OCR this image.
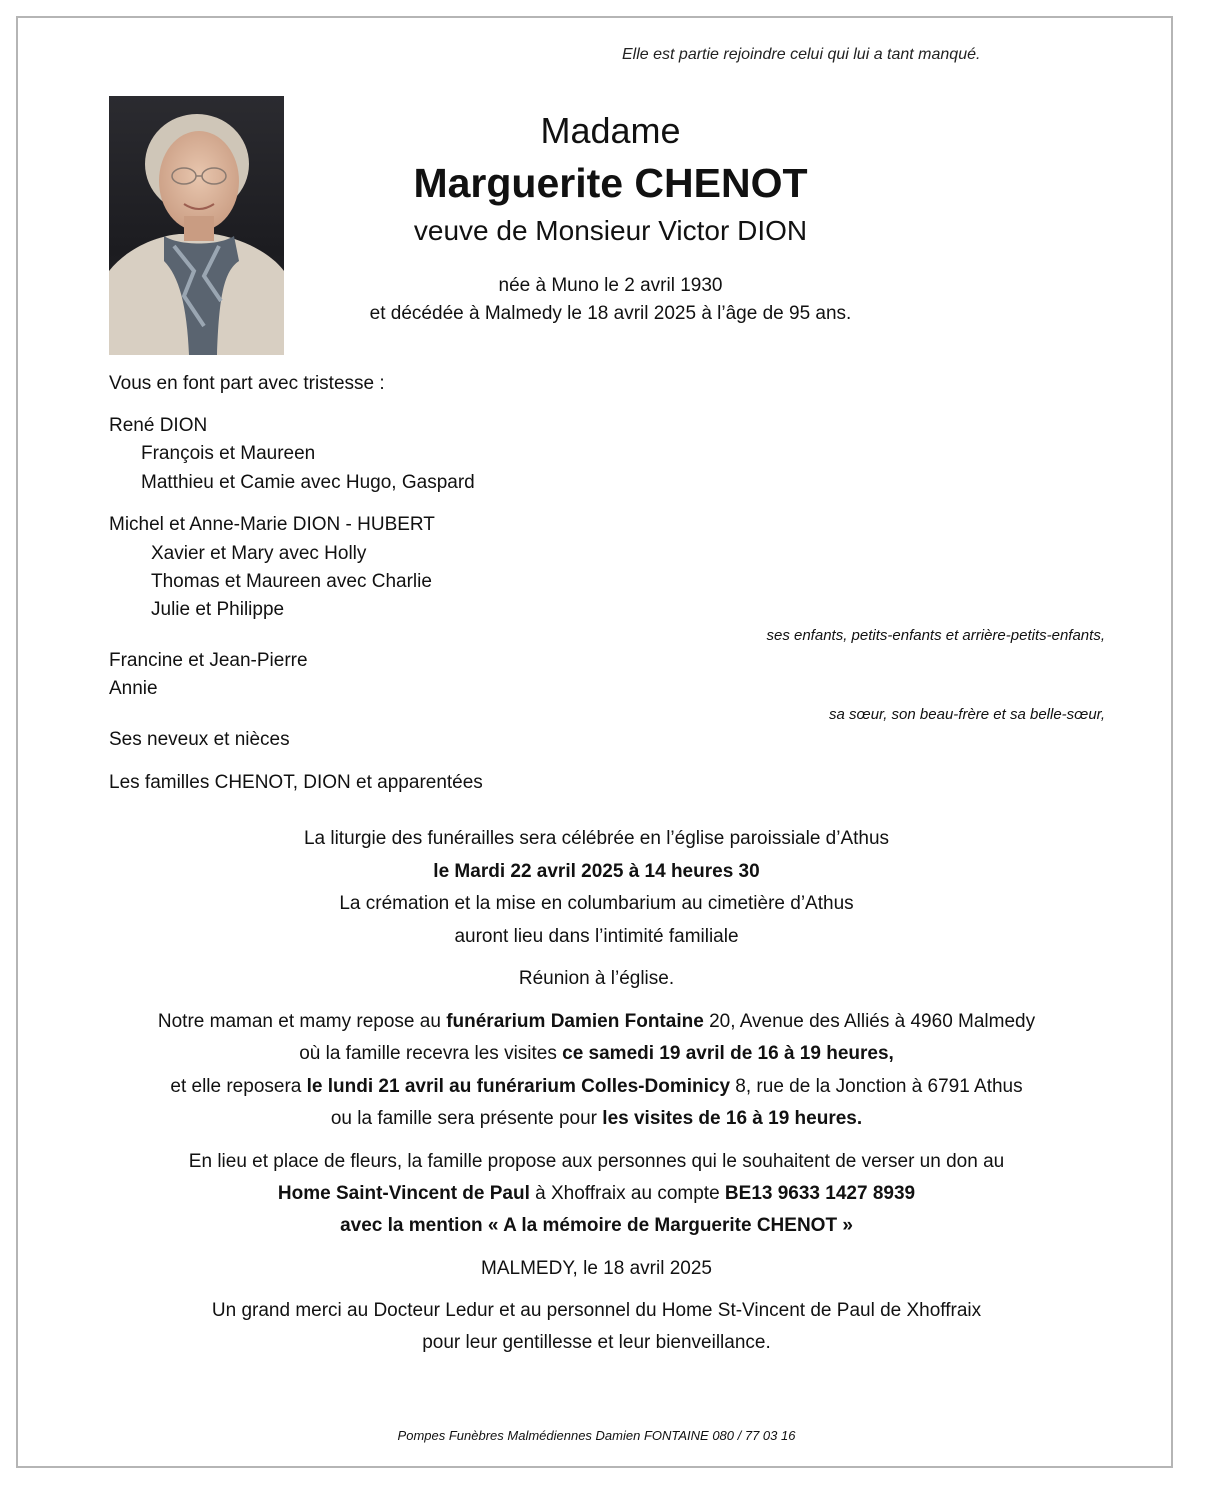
Elle est partie rejoindre celui qui lui a tant manqué.
Madame
Marguerite CHENOT
veuve de Monsieur Victor DION
née à Muno le 2 avril 1930
et décédée à Malmedy le 18 avril 2025 à l’âge de 95 ans.
Vous en font part avec tristesse :
René DION
François et Maureen
Matthieu et Camie avec Hugo, Gaspard
Michel et Anne-Marie DION - HUBERT
Xavier et Mary avec Holly
Thomas et Maureen avec Charlie
Julie et Philippe
ses enfants, petits-enfants et arrière-petits-enfants,
Francine et Jean-Pierre
Annie
sa sœur, son beau-frère et sa belle-sœur,
Ses neveux et nièces
Les familles CHENOT, DION et apparentées
La liturgie des funérailles sera célébrée en l’église paroissiale d’Athus
le Mardi 22 avril 2025 à 14 heures 30
La crémation et la mise en columbarium au cimetière d’Athus
auront lieu dans l’intimité familiale
Réunion à l’église.
Notre maman et mamy repose au funérarium Damien Fontaine 20, Avenue des Alliés à 4960 Malmedy
où la famille recevra les visites ce samedi 19 avril de 16 à 19 heures,
et elle reposera le lundi 21 avril au funérarium Colles-Dominicy 8, rue de la Jonction à 6791 Athus
ou la famille sera présente pour les visites de 16 à 19 heures.
En lieu et place de fleurs, la famille propose aux personnes qui le souhaitent de verser un don au
Home Saint-Vincent de Paul à Xhoffraix au compte BE13 9633 1427 8939
avec la mention « A la mémoire de Marguerite CHENOT »
MALMEDY, le 18 avril 2025
Un grand merci au Docteur Ledur et au personnel du Home St-Vincent de Paul de Xhoffraix
pour leur gentillesse et leur bienveillance.
Pompes Funèbres Malmédiennes Damien FONTAINE 080 / 77 03 16
